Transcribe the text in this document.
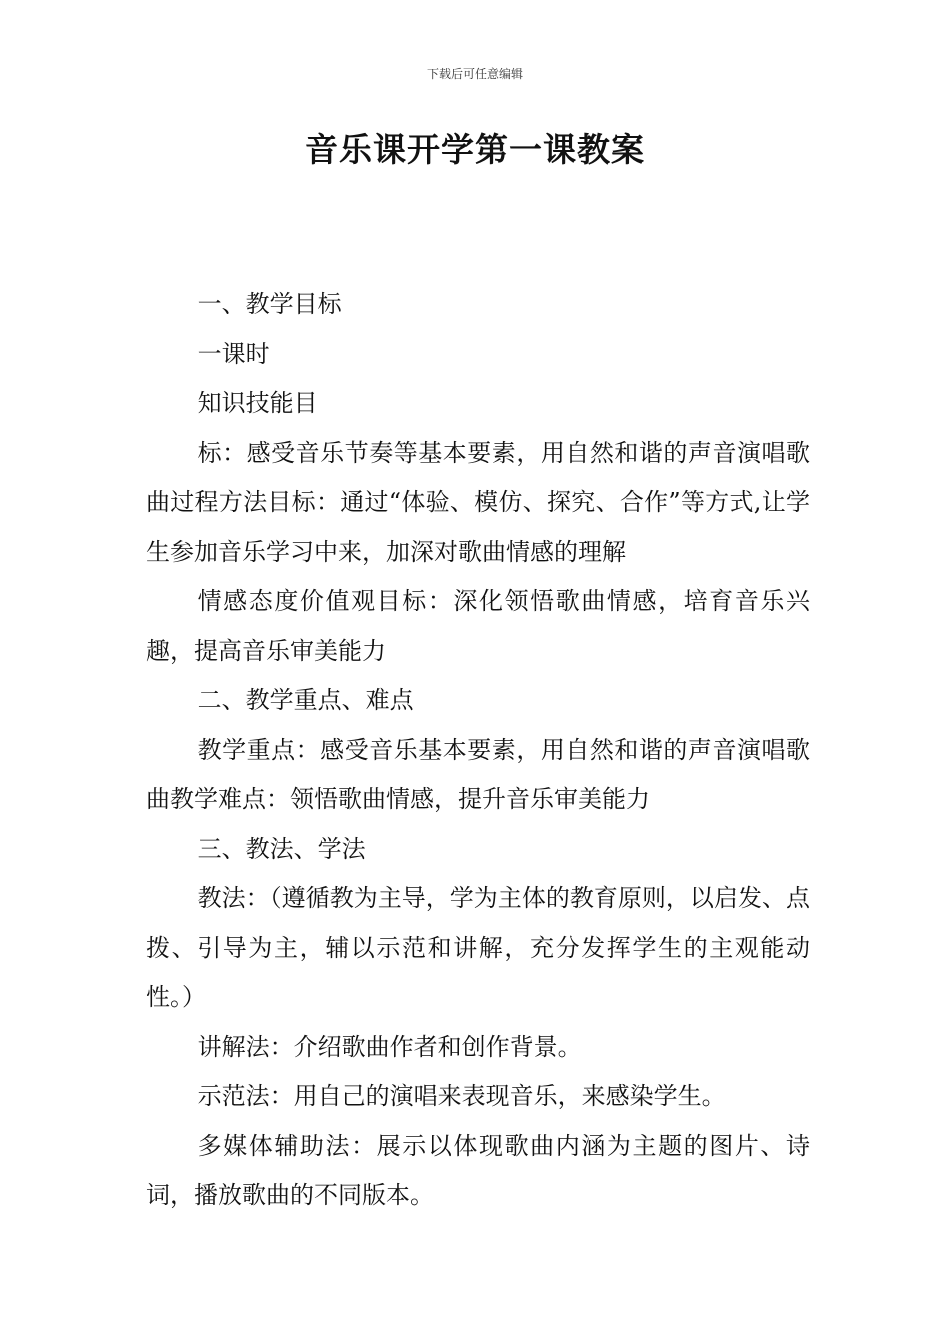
下载后可任意编辑
音乐课开学第一课教案

一、教学目标

一课时

知识技能目

标：感受音乐节奏等基本要素，用自然和谐的声音演唱歌曲过程方法目标：通过“体验、模仿、探究、合作”等方式,让学生参加音乐学习中来，加深对歌曲情感的理解

情感态度价值观目标：深化领悟歌曲情感，培育音乐兴趣，提高音乐审美能力

二、教学重点、难点

教学重点：感受音乐基本要素，用自然和谐的声音演唱歌曲教学难点：领悟歌曲情感，提升音乐审美能力

三、教法、学法

教法：（遵循教为主导，学为主体的教育原则，以启发、点拨、引导为主，辅以示范和讲解，充分发挥学生的主观能动性。）

讲解法：介绍歌曲作者和创作背景。

示范法：用自己的演唱来表现音乐，来感染学生。

多媒体辅助法：展示以体现歌曲内涵为主题的图片、诗词，播放歌曲的不同版本。
